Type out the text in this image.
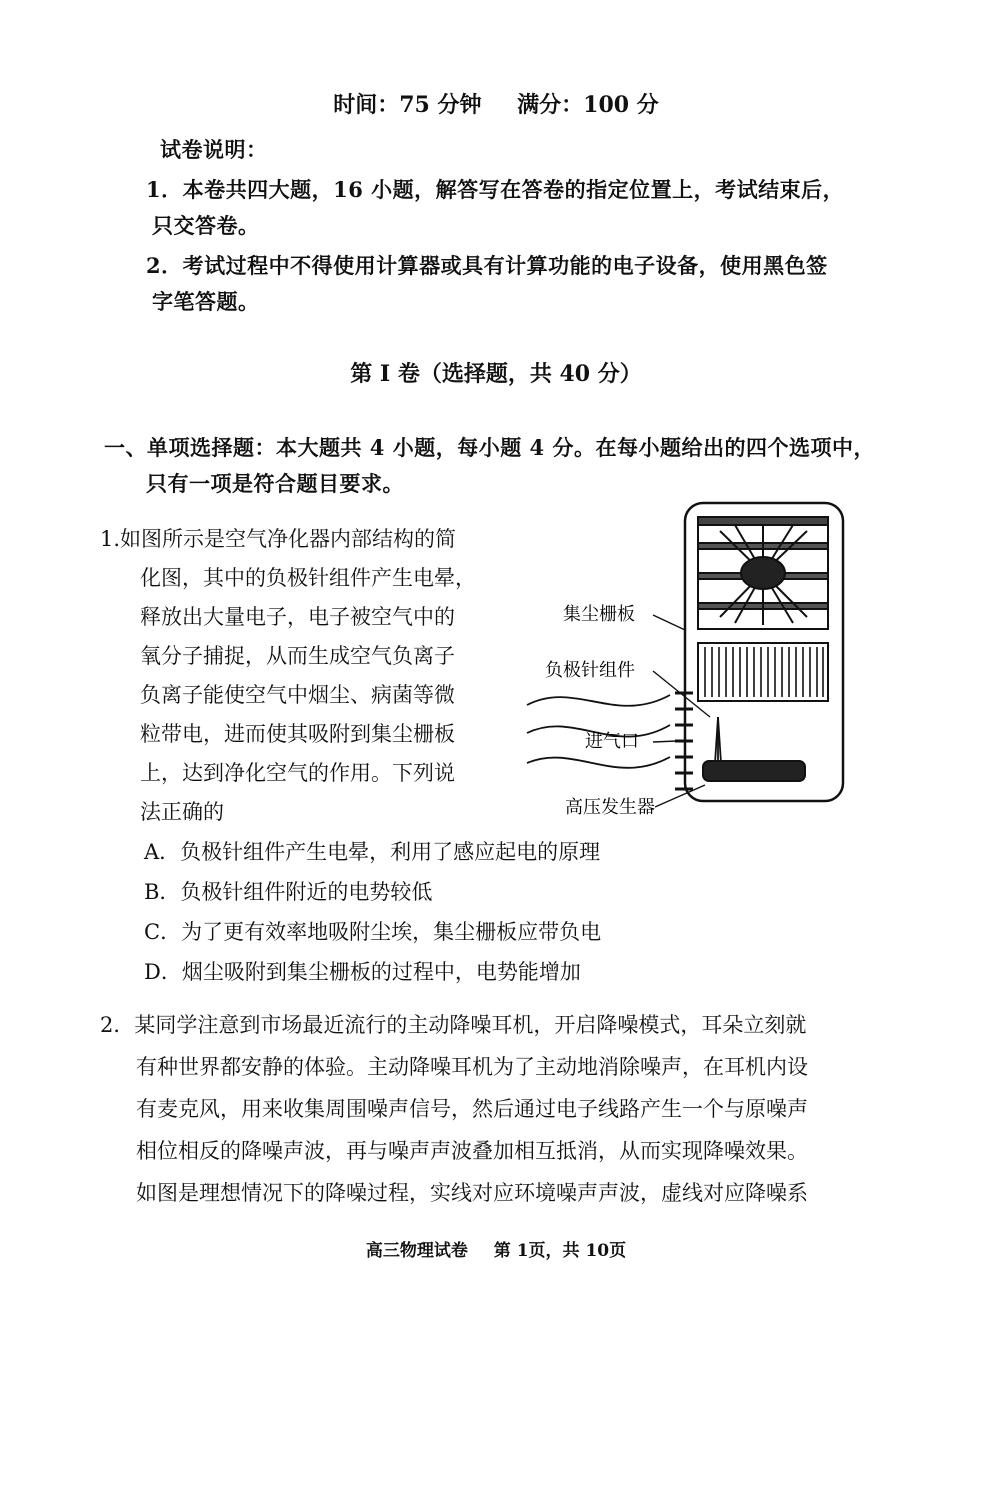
时间：75 分钟 满分：100 分
试卷说明：
1．本卷共四大题，16 小题，解答写在答卷的指定位置上，考试结束后，
只交答卷。
2．考试过程中不得使用计算器或具有计算功能的电子设备，使用黑色签
字笔答题。
第 I 卷（选择题，共 40 分）
一、单项选择题：本大题共 4 小题，每小题 4 分。在每小题给出的四个选项中，
只有一项是符合题目要求。
1.如图所示是空气净化器内部结构的简
化图，其中的负极针组件产生电晕，
释放出大量电子，电子被空气中的
氧分子捕捉，从而生成空气负离子
负离子能使空气中烟尘、病菌等微
粒带电，进而使其吸附到集尘栅板
上，达到净化空气的作用。下列说
法正确的
集尘栅板
负极针组件
进气口
高压发生器
A．负极针组件产生电晕，利用了感应起电的原理
B．负极针组件附近的电势较低
C．为了更有效率地吸附尘埃，集尘栅板应带负电
D．烟尘吸附到集尘栅板的过程中，电势能增加
2．某同学注意到市场最近流行的主动降噪耳机，开启降噪模式，耳朵立刻就
有种世界都安静的体验。主动降噪耳机为了主动地消除噪声，在耳机内设
有麦克风，用来收集周围噪声信号，然后通过电子线路产生一个与原噪声
相位相反的降噪声波，再与噪声声波叠加相互抵消，从而实现降噪效果。
如图是理想情况下的降噪过程，实线对应环境噪声声波，虚线对应降噪系
高三物理试卷 第 1页，共 10页
